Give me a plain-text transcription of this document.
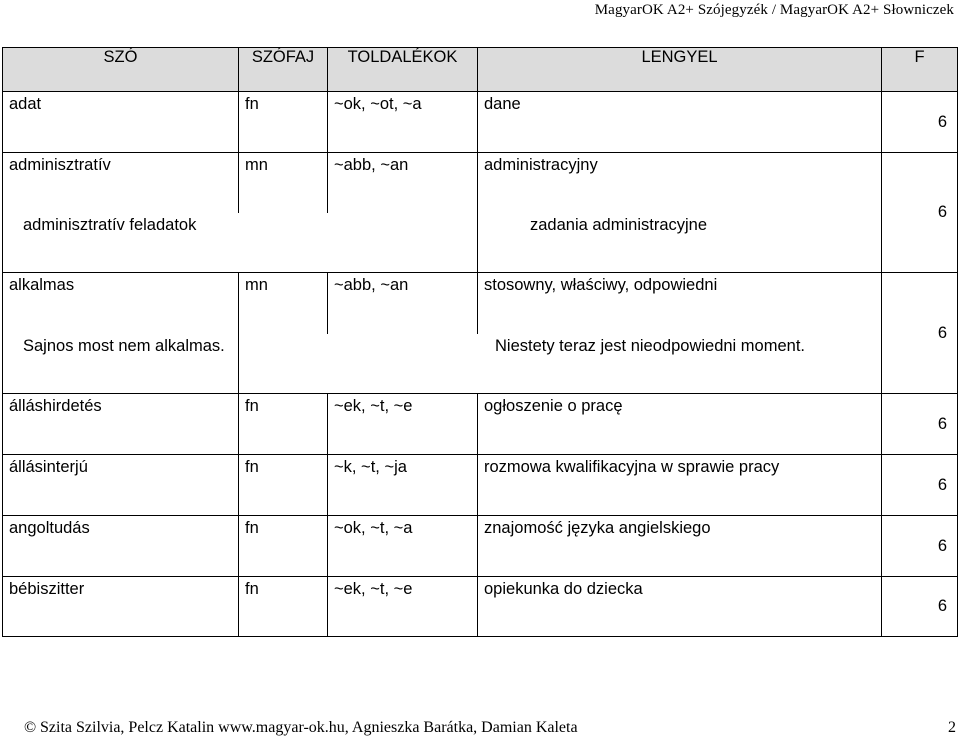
MagyarOK A2+ Szójegyzék / MagyarOK A2+ Słowniczek
SZÓ	SZÓFAJ	TOLDALÉKOK	LENGYEL	F

adat	fn	~ok, ~ot, ~a	dane	6

adminisztratív	mn	~abb, ~an	administracyjny	6

adminisztratív feladatok			zadania administracyjne	

alkalmas	mn	~abb, ~an	stosowny, właściwy, odpowiedni	6

Sajnos most nem alkalmas.	Niestety teraz jest nieodpowiedni moment.			

álláshirdetés	fn	~ek, ~t, ~e	ogłoszenie o pracę	6

állásinterjú	fn	~k, ~t, ~ja	rozmowa kwalifikacyjna w sprawie pracy	6

angoltudás	fn	~ok, ~t, ~a	znajomość języka angielskiego	6

bébiszitter	fn	~ek, ~t, ~e	opiekunka do dziecka	6
© Szita Szilvia, Pelcz Katalin www.magyar-ok.hu, Agnieszka Barátka, Damian Kaleta	2
